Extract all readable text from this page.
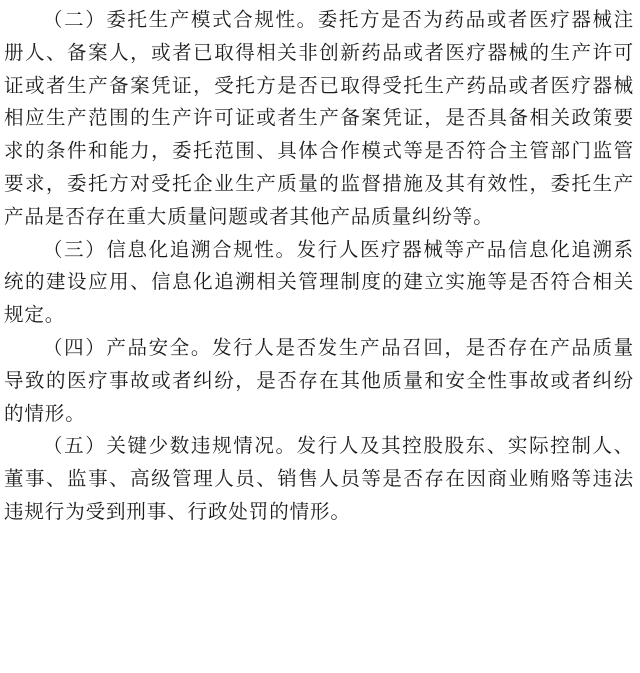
（二）委托生产模式合规性。委托方是否为药品或者医疗器械注册人、备案人，或者已取得相关非创新药品或者医疗器械的生产许可证或者生产备案凭证，受托方是否已取得受托生产药品或者医疗器械相应生产范围的生产许可证或者生产备案凭证，是否具备相关政策要求的条件和能力，委托范围、具体合作模式等是否符合主管部门监管要求，委托方对受托企业生产质量的监督措施及其有效性，委托生产产品是否存在重大质量问题或者其他产品质量纠纷等。

（三）信息化追溯合规性。发行人医疗器械等产品信息化追溯系统的建设应用、信息化追溯相关管理制度的建立实施等是否符合相关规定。

（四）产品安全。发行人是否发生产品召回，是否存在产品质量导致的医疗事故或者纠纷，是否存在其他质量和安全性事故或者纠纷的情形。

（五）关键少数违规情况。发行人及其控股股东、实际控制人、董事、监事、高级管理人员、销售人员等是否存在因商业贿赂等违法违规行为受到刑事、行政处罚的情形。
